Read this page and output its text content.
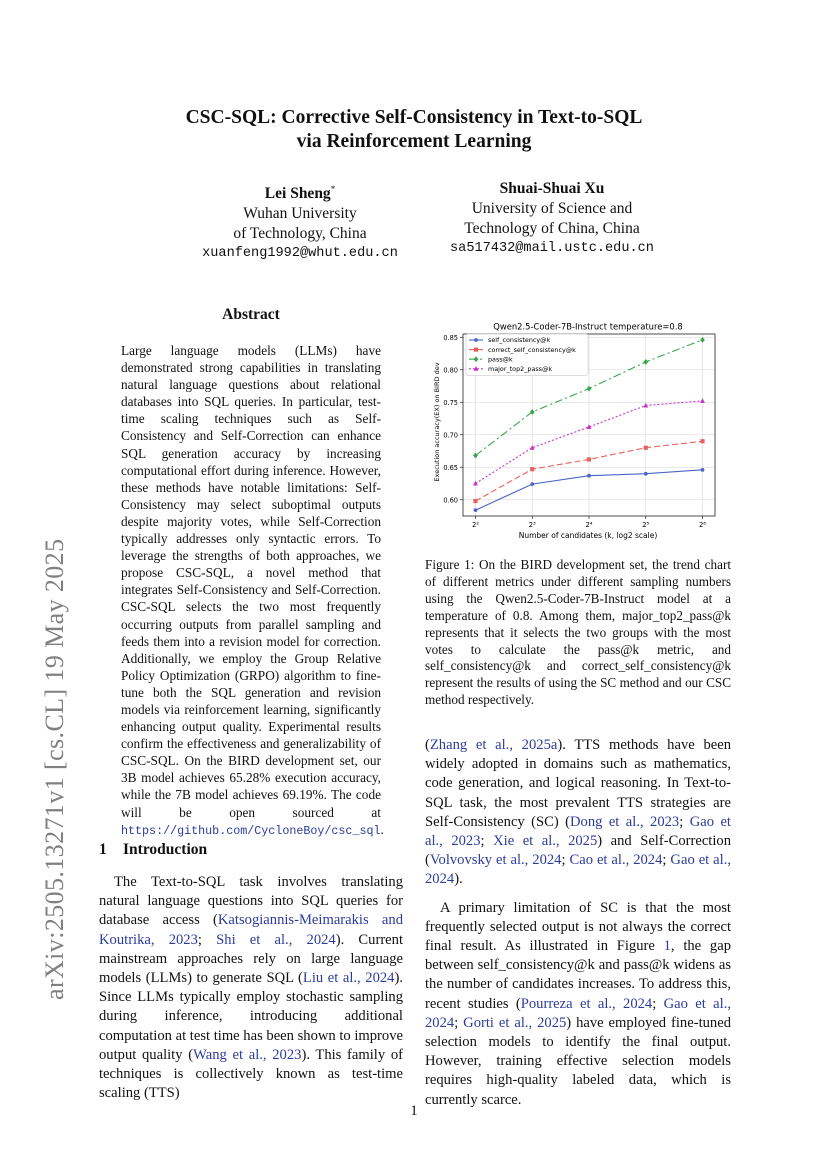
CSC-SQL: Corrective Self-Consistency in Text-to-SQL
via Reinforcement Learning
Lei Sheng*
Wuhan University
of Technology, China
xuanfeng1992@whut.edu.cn
Shuai-Shuai Xu
University of Science and
Technology of China, China
sa517432@mail.ustc.edu.cn
arXiv:2505.13271v1 [cs.CL] 19 May 2025
Abstract
Large language models (LLMs) have demonstrated strong capabilities in translating natural language questions about relational databases into SQL queries. In particular, test-time scaling techniques such as Self-Consistency and Self-Correction can enhance SQL generation accuracy by increasing computational effort during inference. However, these methods have notable limitations: Self-Consistency may select suboptimal outputs despite majority votes, while Self-Correction typically addresses only syntactic errors. To leverage the strengths of both approaches, we propose CSC-SQL, a novel method that integrates Self-Consistency and Self-Correction. CSC-SQL selects the two most frequently occurring outputs from parallel sampling and feeds them into a revision model for correction. Additionally, we employ the Group Relative Policy Optimization (GRPO) algorithm to fine-tune both the SQL generation and revision models via reinforcement learning, significantly enhancing output quality. Experimental results confirm the effectiveness and generalizability of CSC-SQL. On the BIRD development set, our 3B model achieves 65.28% execution accuracy, while the 7B model achieves 69.19%. The code will be open sourced at https://github.com/CycloneBoy/csc_sql.
1 Introduction

The Text-to-SQL task involves translating natural language questions into SQL queries for database access (Katsogiannis-Meimarakis and Koutrika, 2023; Shi et al., 2024). Current mainstream approaches rely on large language models (LLMs) to generate SQL (Liu et al., 2024). Since LLMs typically employ stochastic sampling during inference, introducing additional computation at test time has been shown to improve output quality (Wang et al., 2023). This family of techniques is collectively known as test-time scaling (TTS)

Qwen2.5-Coder-7B-Instruct temperature=0.8
Execution accuracy(EX) on BIRD dev
Number of candidates (k, log2 scale)
0.60
0.65
0.70
0.75
0.80
0.85
2²	2³	2⁴	2⁵	2⁶
self_consistency@k
correct_self_consistency@k
pass@k
major_top2_pass@k
Figure 1: On the BIRD development set, the trend chart of different metrics under different sampling numbers using the Qwen2.5-Coder-7B-Instruct model at a temperature of 0.8. Among them, major_top2_pass@k represents that it selects the two groups with the most votes to calculate the pass@k metric, and self_consistency@k and correct_self_consistency@k represent the results of using the SC method and our CSC method respectively.

(Zhang et al., 2025a). TTS methods have been widely adopted in domains such as mathematics, code generation, and logical reasoning. In Text-to-SQL task, the most prevalent TTS strategies are Self-Consistency (SC) (Dong et al., 2023; Gao et al., 2023; Xie et al., 2025) and Self-Correction (Volvovsky et al., 2024; Cao et al., 2024; Gao et al., 2024).

A primary limitation of SC is that the most frequently selected output is not always the correct final result. As illustrated in Figure 1, the gap between self_consistency@k and pass@k widens as the number of candidates increases. To address this, recent studies (Pourreza et al., 2024; Gao et al., 2024; Gorti et al., 2025) have employed fine-tuned selection models to identify the final output. However, training effective selection models requires high-quality labeled data, which is currently scarce.

1
